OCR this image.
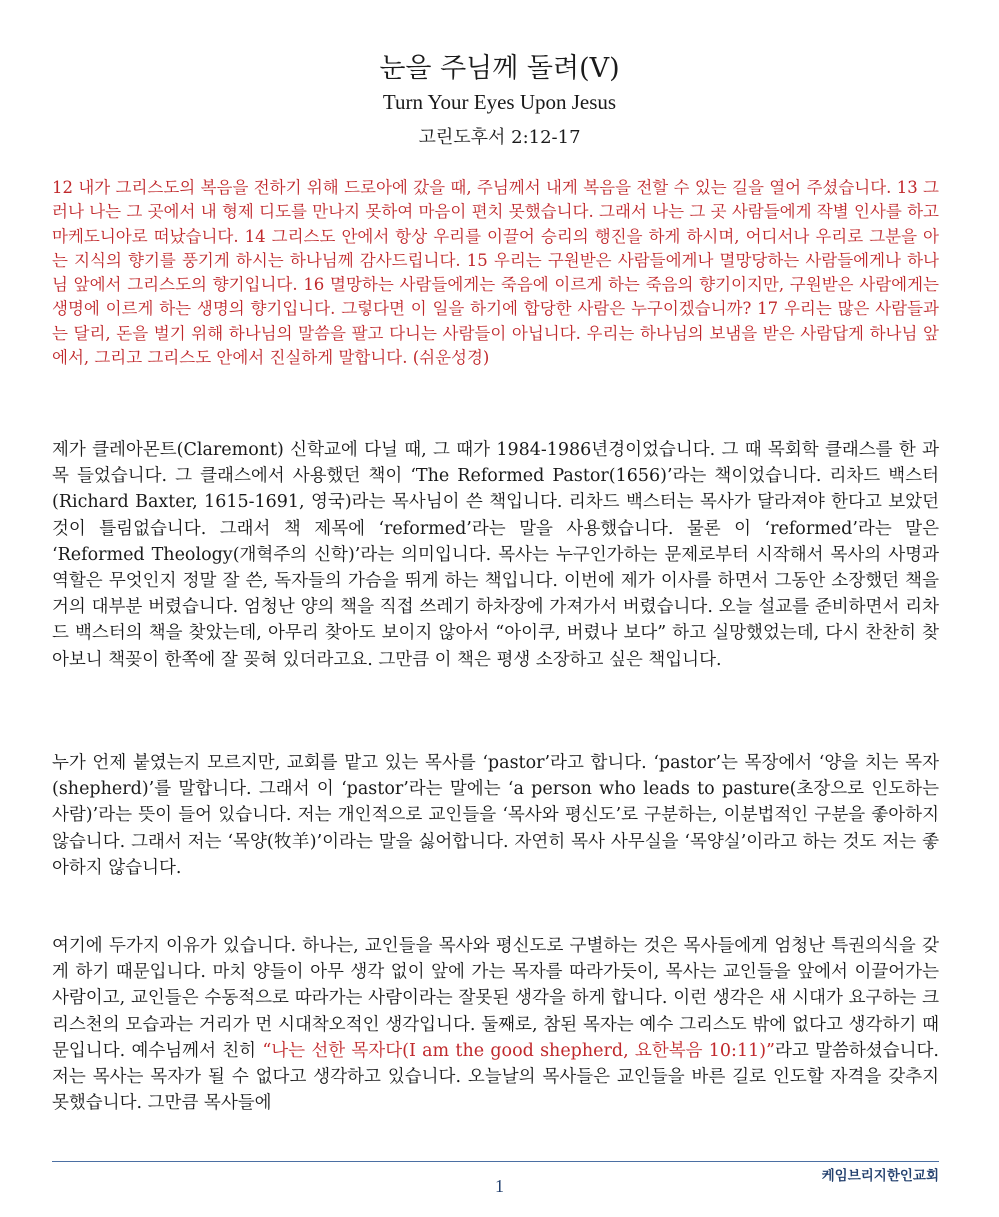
눈을 주님께 돌려(V)
Turn Your Eyes Upon Jesus
고린도후서 2:12-17

12 내가 그리스도의 복음을 전하기 위해 드로아에 갔을 때, 주님께서 내게 복음을 전할 수 있는 길을 열어 주셨습니다. 13 그러나 나는 그 곳에서 내 형제 디도를 만나지 못하여 마음이 편치 못했습니다. 그래서 나는 그 곳 사람들에게 작별 인사를 하고 마케도니아로 떠났습니다. 14 그리스도 안에서 항상 우리를 이끌어 승리의 행진을 하게 하시며, 어디서나 우리로 그분을 아는 지식의 향기를 풍기게 하시는 하나님께 감사드립니다. 15 우리는 구원받은 사람들에게나 멸망당하는 사람들에게나 하나님 앞에서 그리스도의 향기입니다. 16 멸망하는 사람들에게는 죽음에 이르게 하는 죽음의 향기이지만, 구원받은 사람에게는 생명에 이르게 하는 생명의 향기입니다. 그렇다면 이 일을 하기에 합당한 사람은 누구이겠습니까? 17 우리는 많은 사람들과는 달리, 돈을 벌기 위해 하나님의 말씀을 팔고 다니는 사람들이 아닙니다. 우리는 하나님의 보냄을 받은 사람답게 하나님 앞에서, 그리고 그리스도 안에서 진실하게 말합니다. (쉬운성경)

제가 클레아몬트(Claremont) 신학교에 다닐 때, 그 때가 1984-1986년경이었습니다. 그 때 목회학 클래스를 한 과목 들었습니다. 그 클래스에서 사용했던 책이 ‘The Reformed Pastor(1656)’라는 책이었습니다. 리차드 백스터(Richard Baxter, 1615-1691, 영국)라는 목사님이 쓴 책입니다. 리차드 백스터는 목사가 달라져야 한다고 보았던 것이 틀림없습니다. 그래서 책 제목에 ‘reformed’라는 말을 사용했습니다. 물론 이 ‘reformed’라는 말은 ‘Reformed Theology(개혁주의 신학)’라는 의미입니다. 목사는 누구인가하는 문제로부터 시작해서 목사의 사명과 역할은 무엇인지 정말 잘 쓴, 독자들의 가슴을 뛰게 하는 책입니다. 이번에 제가 이사를 하면서 그동안 소장했던 책을 거의 대부분 버렸습니다. 엄청난 양의 책을 직접 쓰레기 하차장에 가져가서 버렸습니다. 오늘 설교를 준비하면서 리차드 백스터의 책을 찾았는데, 아무리 찾아도 보이지 않아서 “아이쿠, 버렸나 보다” 하고 실망했었는데, 다시 찬찬히 찾아보니 책꽂이 한쪽에 잘 꽂혀 있더라고요. 그만큼 이 책은 평생 소장하고 싶은 책입니다.

누가 언제 붙였는지 모르지만, 교회를 맡고 있는 목사를 ‘pastor’라고 합니다. ‘pastor’는 목장에서 ‘양을 치는 목자(shepherd)’를 말합니다. 그래서 이 ‘pastor’라는 말에는 ‘a person who leads to pasture(초장으로 인도하는 사람)’라는 뜻이 들어 있습니다. 저는 개인적으로 교인들을 ‘목사와 평신도’로 구분하는, 이분법적인 구분을 좋아하지 않습니다. 그래서 저는 ‘목양(牧羊)’이라는 말을 싫어합니다. 자연히 목사 사무실을 ‘목양실’이라고 하는 것도 저는 좋아하지 않습니다.

여기에 두가지 이유가 있습니다. 하나는, 교인들을 목사와 평신도로 구별하는 것은 목사들에게 엄청난 특권의식을 갖게 하기 때문입니다. 마치 양들이 아무 생각 없이 앞에 가는 목자를 따라가듯이, 목사는 교인들을 앞에서 이끌어가는 사람이고, 교인들은 수동적으로 따라가는 사람이라는 잘못된 생각을 하게 합니다. 이런 생각은 새 시대가 요구하는 크리스천의 모습과는 거리가 먼 시대착오적인 생각입니다. 둘째로, 참된 목자는 예수 그리스도 밖에 없다고 생각하기 때문입니다. 예수님께서 친히 “나는 선한 목자다(I am the good shepherd, 요한복음 10:11)”라고 말씀하셨습니다. 저는 목사는 목자가 될 수 없다고 생각하고 있습니다. 오늘날의 목사들은 교인들을 바른 길로 인도할 자격을 갖추지 못했습니다. 그만큼 목사들에

케임브리지한인교회
1
